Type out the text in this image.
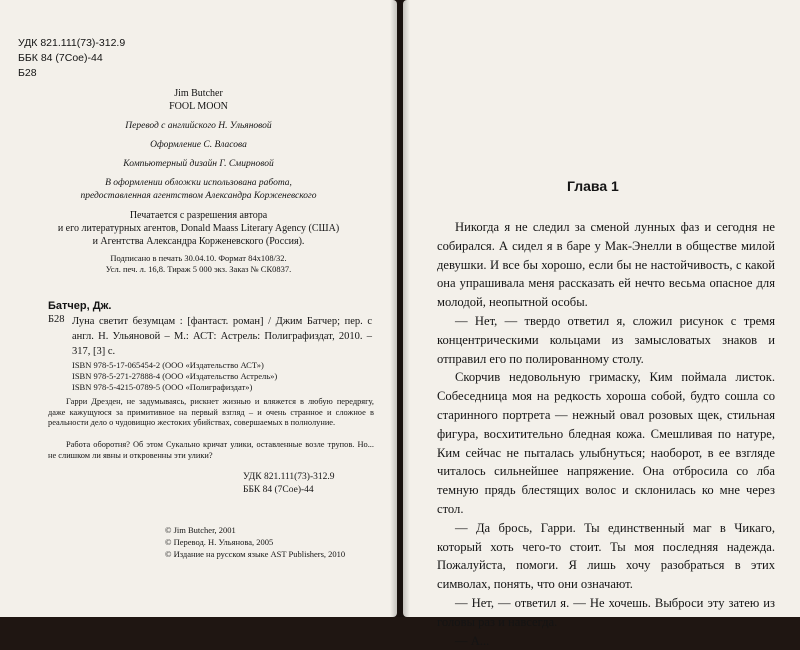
УДК 821.111(73)-312.9
ББК 84 (7Сое)-44
Б28
Jim Butcher
FOOL MOON
Перевод с английского Н. Ульяновой
Оформление С. Власова
Компьютерный дизайн Г. Смирновой
В оформлении обложки использована работа,
предоставленная агентством Александра Корженевского
Печатается с разрешения автора
и его литературных агентов, Donald Maass Literary Agency (США)
и Агентства Александра Корженевского (Россия).
Подписано в печать 30.04.10. Формат 84x108/32.
Усл. печ. л. 16,8. Тираж 5 000 экз. Заказ № СК0837.
Батчер, Дж.
Б28 Луна светит безумцам : [фантаст. роман] / Джим Батчер; пер. с англ. Н. Ульяновой – М.: АСТ: Астрель: Полиграфиздат, 2010. – 317, [3] с.
ISBN 978-5-17-065454-2 (ООО «Издательство АСТ»)
ISBN 978-5-271-27888-4 (ООО «Издательство Астрель»)
ISBN 978-5-4215-0789-5 (ООО «Полиграфиздат»)
Гарри Дрезден, не задумываясь, рискнет жизнью и вляжется в любую передрягу, даже кажущуюся за примитивное на первый взгляд – и очень странное и сложное в реальности дело о чудовищно жестоких убийствах, совершаемых в полнолуние.
Работа оборотня? Об этом Сукально кричат улики, оставленные возле трупов. Но... не слишком ли явны и откровенны эти улики?
УДК 821.111(73)-312.9
ББК 84 (7Сое)-44
© Jim Butcher, 2001
© Перевод. Н. Ульянова, 2005
© Издание на русском языке AST Publishers, 2010
Глава 1

Никогда я не следил за сменой лунных фаз и сегодня не собирался. А сидел я в баре у Мак-Энелли в обществе милой девушки. И все бы хорошо, если бы не настойчивость, с какой она упрашивала меня рассказать ей нечто весьма опасное для молодой, неопытной особы.

— Нет, — твердо ответил я, сложил рисунок с тремя концентрическими кольцами из замысловатых знаков и отправил его по полированному столу.

Скорчив недовольную гримаску, Ким поймала листок. Собеседница моя на редкость хороша собой, будто сошла со старинного портрета — нежный овал розовых щек, стильная фигура, восхитительно бледная кожа. Смешливая по натуре, Ким сейчас не пыталась улыбнуться; наоборот, в ее взгляде читалось сильнейшее напряжение. Она отбросила со лба темную прядь блестящих волос и склонилась ко мне через стол.

— Да брось, Гарри. Ты единственный маг в Чикаго, который хоть чего-то стоит. Ты моя последняя надежда. Пожалуйста, помоги. Я лишь хочу разобраться в этих символах, понять, что они означают.

— Нет, — ответил я. — Не хочешь. Выброси эту затею из головы раз и навсегда.

— А...
